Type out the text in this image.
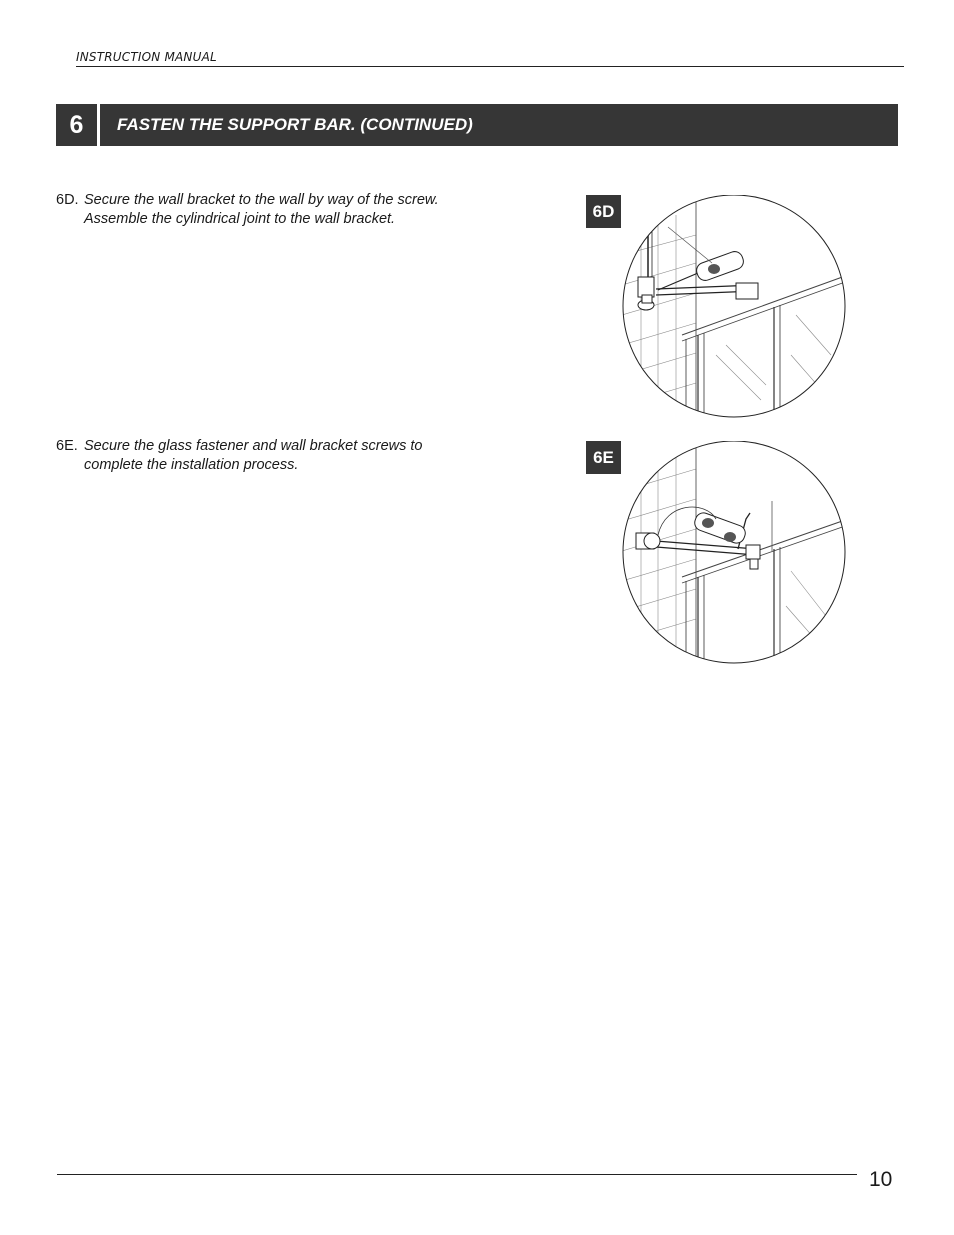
INSTRUCTION MANUAL
6	FASTEN THE SUPPORT BAR. (CONTINUED)
6D. Secure the wall bracket to the wall by way of the screw. Assemble the cylindrical joint to the wall bracket.
6E. Secure the glass fastener and wall bracket screws to complete the installation process.
6D
6E
10
